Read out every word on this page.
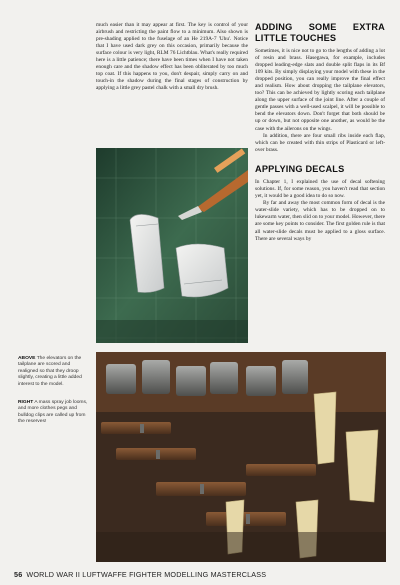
much easier than it may appear at first. The key is control of your airbrush and restricting the paint flow to a minimum. Also shown is pre-shading applied to the fuselage of an He 219A-7 'Uhu'. Notice that I have used dark grey on this occasion, primarily because the surface colour is very light, RLM 76 Lichtblau. What's really required here is a little patience; there have been times when I have not taken enough care and the shadow effect has been obliterated by too much top coat. If this happens to you, don't despair, simply carry on and touch-in the shadow during the final stages of construction by applying a little grey pastel chalk with a small dry brush.

ADDING SOME EXTRA LITTLE TOUCHES

Sometimes, it is nice not to go to the lengths of adding a lot of resin and brass. Hasegawa, for example, includes dropped leading-edge slats and double split flaps in its Bf 109 kits. By simply displaying your model with these in the dropped position, you can really improve the final effect and realism. How about dropping the tailplane elevators, too? This can be achieved by lightly scoring each tailplane along the upper surface of the joint line. After a couple of gentle passes with a well-used scalpel, it will be possible to bend the elevators down. Don't forget that both should be up or down, but not opposite one another, as would be the case with the ailerons on the wings.

In addition, there are four small ribs inside each flap, which can be created with thin strips of Plasticard or left-over brass.

APPLYING DECALS

In Chapter 1, I explained the use of decal softening solutions. If, for some reason, you haven't read that section yet, it would be a good idea to do so now.

By far and away the most common form of decal is the water-slide variety, which has to be dropped on to lukewarm water, then slid on to your model. However, there are some key points to consider. The first golden rule is that all water-slide decals must be applied to a gloss surface. There are several ways by

ABOVE The elevators on the tailplane are scored and realigned so that they droop slightly, creating a little added interest to the model.
RIGHT A mass spray job looms, and more clothes pegs and bulldog clips are called up from the reserves!
56 WORLD WAR II LUFTWAFFE FIGHTER MODELLING MASTERCLASS
